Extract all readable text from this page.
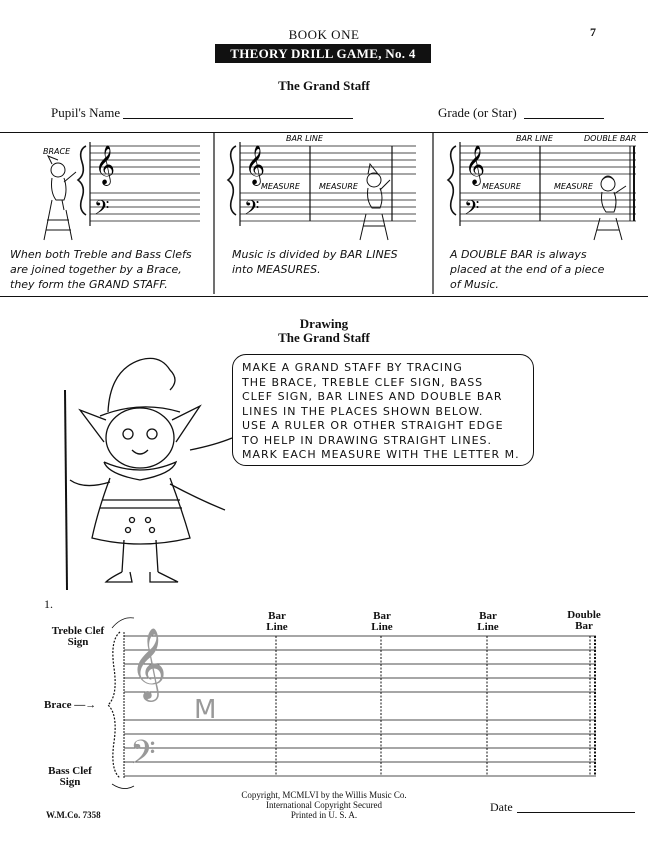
BOOK ONE	7
THEORY DRILL GAME, No. 4
The Grand Staff
Pupil's Name	Grade (or Star)
𝄞
𝄢
BRACE	𝄞
𝄢
BAR LINE
MEASURE MEASURE
𝄞
𝄢
BAR LINE	DOUBLE BAR
MEASURE	MEASURE
When both Treble and Bass Clefs
are joined together by a Brace,
they form the GRAND STAFF.
Music is divided by BAR LINES
into MEASURES.
A DOUBLE BAR is always
placed at the end of a piece
of Music.
Drawing
The Grand Staff
MAKE A GRAND STAFF BY TRACING
THE BRACE, TREBLE CLEF SIGN, BASS
CLEF SIGN, BAR LINES AND DOUBLE BAR
LINES IN THE PLACES SHOWN BELOW.
USE A RULER OR OTHER STRAIGHT EDGE
TO HELP IN DRAWING STRAIGHT LINES.
MARK EACH MEASURE WITH THE LETTER M.
1.
Treble Clef
Sign
Brace —→
Bass Clef
Sign
Bar
Line
Bar
Line
Bar
Line
Double
Bar
𝄞
𝄢
M
Copyright, MCMLVI by the Willis Music Co.
International Copyright Secured
Printed in U. S. A.
W.M.Co. 7358
Date
